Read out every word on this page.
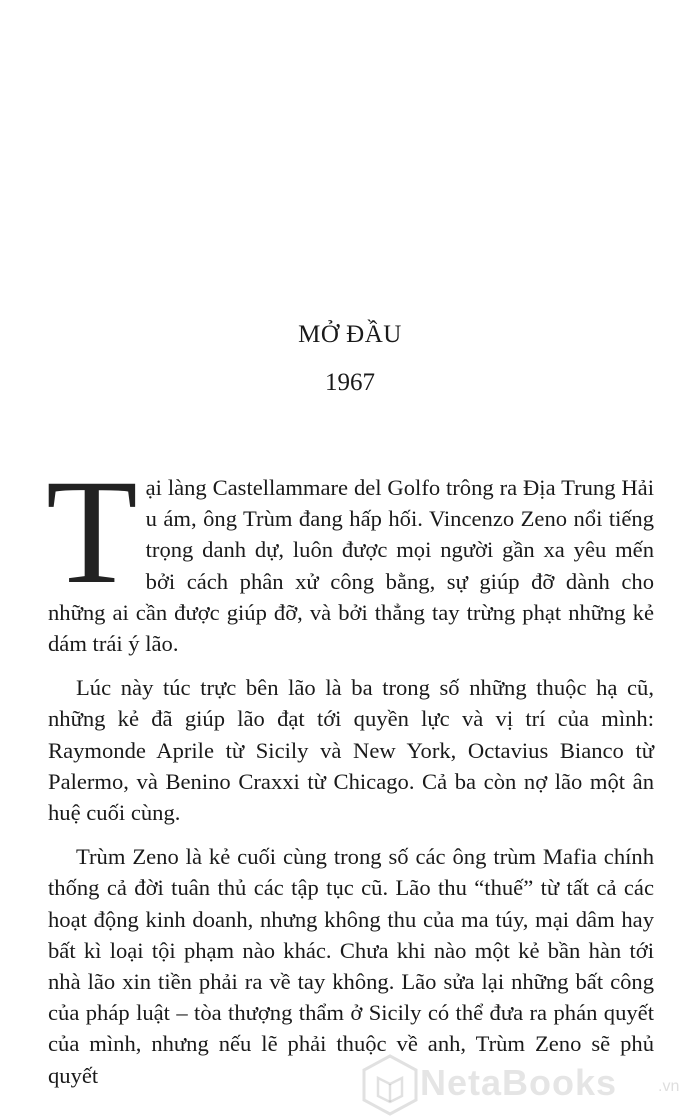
MỞ ĐẦU
1967

Tại làng Castellammare del Golfo trông ra Địa Trung Hải u ám, ông Trùm đang hấp hối. Vincenzo Zeno nổi tiếng trọng danh dự, luôn được mọi người gần xa yêu mến bởi cách phân xử công bằng, sự giúp đỡ dành cho những ai cần được giúp đỡ, và bởi thẳng tay trừng phạt những kẻ dám trái ý lão.

Lúc này túc trực bên lão là ba trong số những thuộc hạ cũ, những kẻ đã giúp lão đạt tới quyền lực và vị trí của mình: Raymonde Aprile từ Sicily và New York, Octavius Bianco từ Palermo, và Benino Craxxi từ Chicago. Cả ba còn nợ lão một ân huệ cuối cùng.

Trùm Zeno là kẻ cuối cùng trong số các ông trùm Mafia chính thống cả đời tuân thủ các tập tục cũ. Lão thu “thuế” từ tất cả các hoạt động kinh doanh, nhưng không thu của ma túy, mại dâm hay bất kì loại tội phạm nào khác. Chưa khi nào một kẻ bần hàn tới nhà lão xin tiền phải ra về tay không. Lão sửa lại những bất công của pháp luật – tòa thượng thẩm ở Sicily có thể đưa ra phán quyết của mình, nhưng nếu lẽ phải thuộc về anh, Trùm Zeno sẽ phủ quyết	NetaBooks	.vn
